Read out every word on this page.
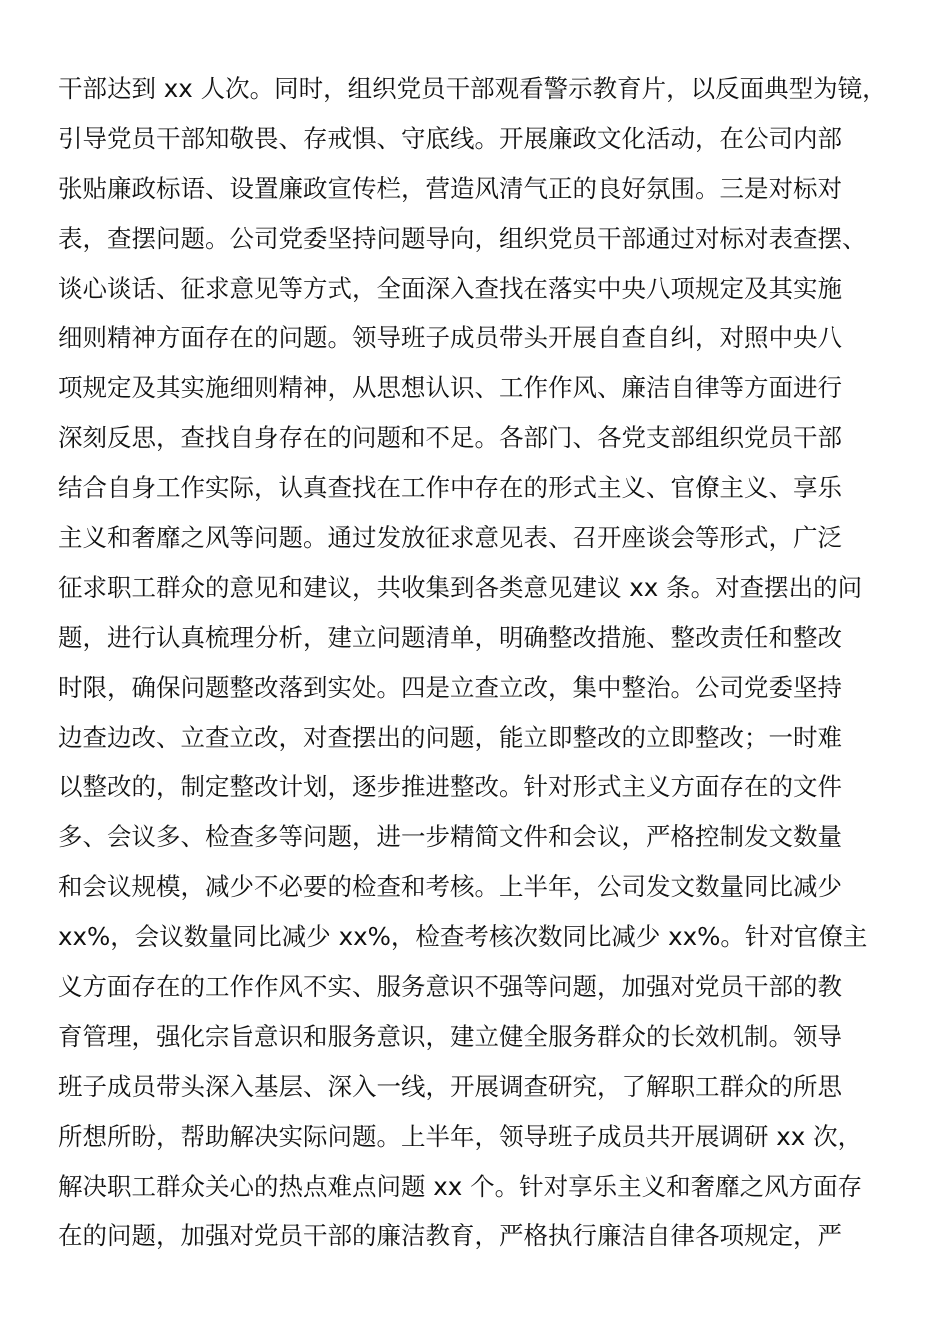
干部达到 xx 人次。同时，组织党员干部观看警示教育片，以反面典型为镜，
引导党员干部知敬畏、存戒惧、守底线。开展廉政文化活动，在公司内部
张贴廉政标语、设置廉政宣传栏，营造风清气正的良好氛围。三是对标对
表，查摆问题。公司党委坚持问题导向，组织党员干部通过对标对表查摆、
谈心谈话、征求意见等方式，全面深入查找在落实中央八项规定及其实施
细则精神方面存在的问题。领导班子成员带头开展自查自纠，对照中央八
项规定及其实施细则精神，从思想认识、工作作风、廉洁自律等方面进行
深刻反思，查找自身存在的问题和不足。各部门、各党支部组织党员干部
结合自身工作实际，认真查找在工作中存在的形式主义、官僚主义、享乐
主义和奢靡之风等问题。通过发放征求意见表、召开座谈会等形式，广泛
征求职工群众的意见和建议，共收集到各类意见建议 xx 条。对查摆出的问
题，进行认真梳理分析，建立问题清单，明确整改措施、整改责任和整改
时限，确保问题整改落到实处。四是立查立改，集中整治。公司党委坚持
边查边改、立查立改，对查摆出的问题，能立即整改的立即整改；一时难
以整改的，制定整改计划，逐步推进整改。针对形式主义方面存在的文件
多、会议多、检查多等问题，进一步精简文件和会议，严格控制发文数量
和会议规模，减少不必要的检查和考核。上半年，公司发文数量同比减少
xx%，会议数量同比减少 xx%，检查考核次数同比减少 xx%。针对官僚主
义方面存在的工作作风不实、服务意识不强等问题，加强对党员干部的教
育管理，强化宗旨意识和服务意识，建立健全服务群众的长效机制。领导
班子成员带头深入基层、深入一线，开展调查研究，了解职工群众的所思
所想所盼，帮助解决实际问题。上半年，领导班子成员共开展调研 xx 次，
解决职工群众关心的热点难点问题 xx 个。针对享乐主义和奢靡之风方面存
在的问题，加强对党员干部的廉洁教育，严格执行廉洁自律各项规定，严
